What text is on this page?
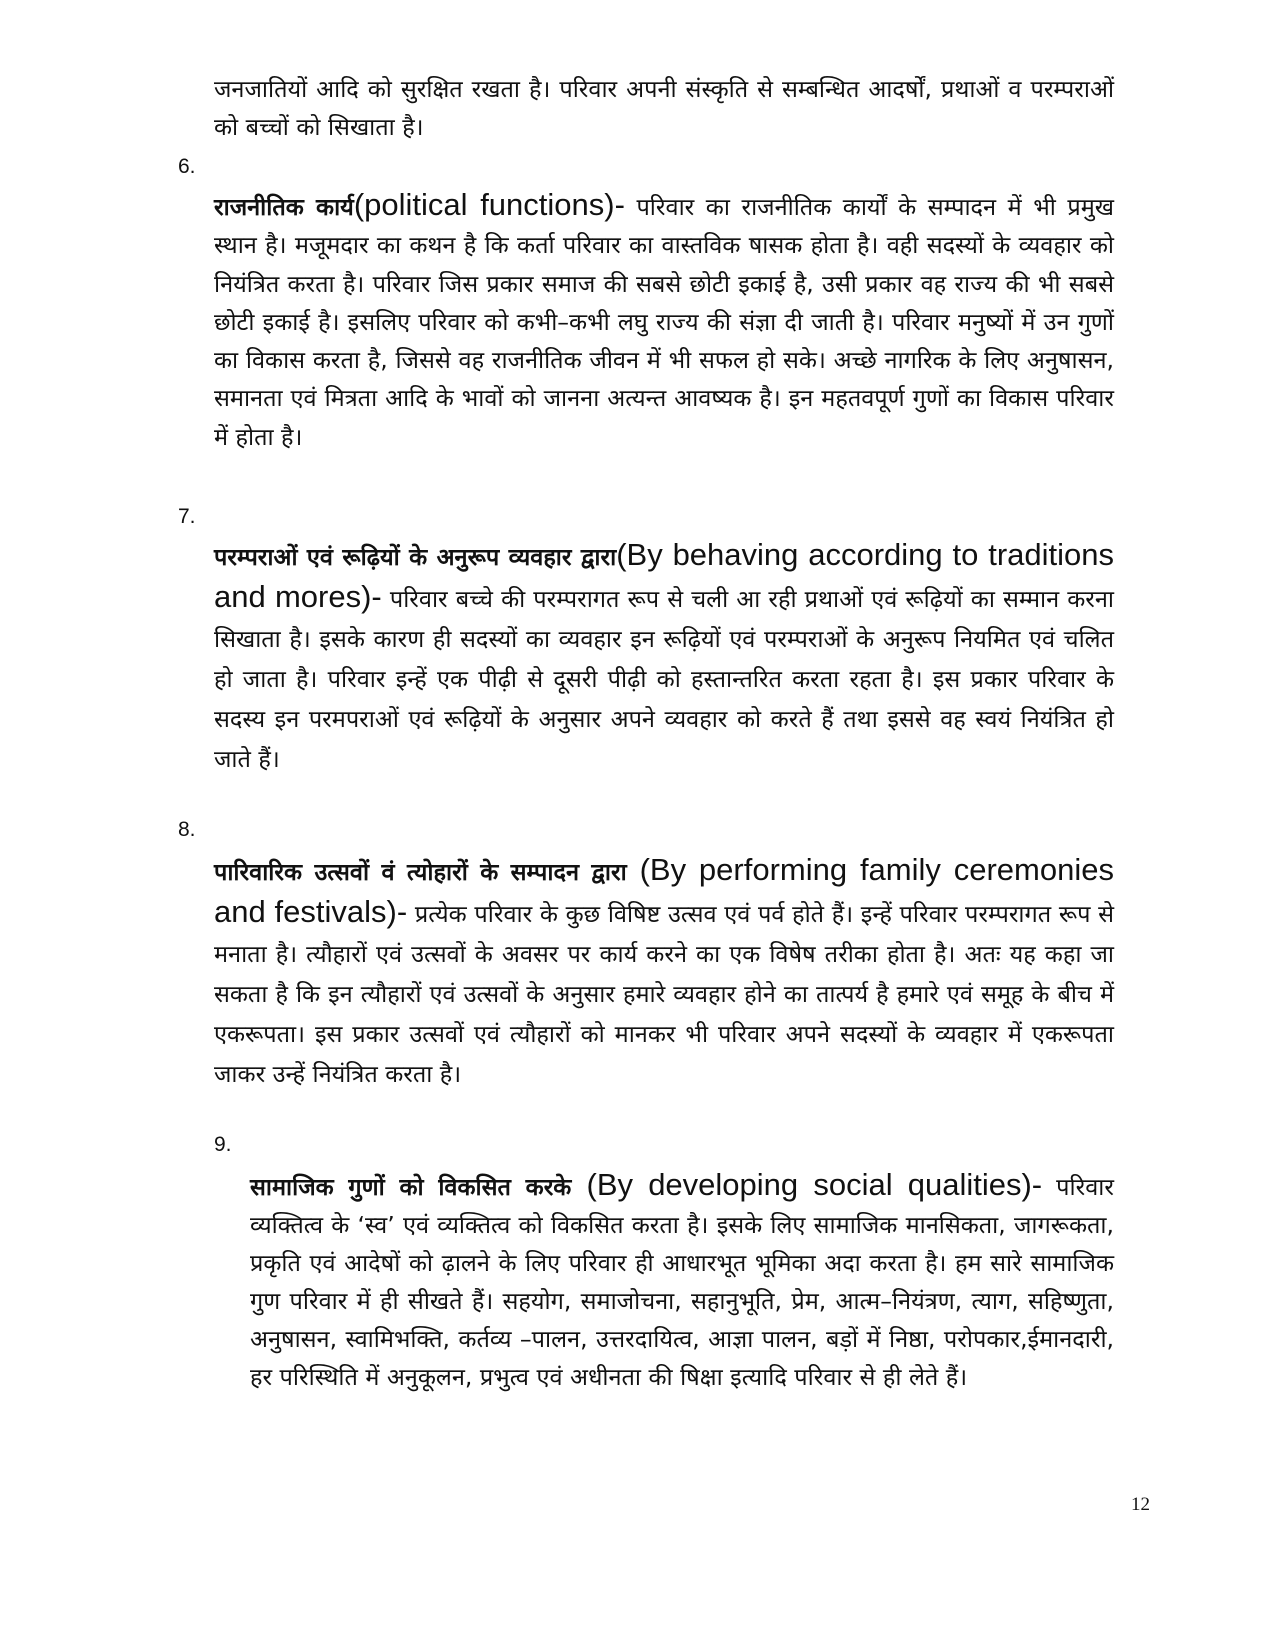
जनजातियों आदि को सुरक्षित रखता है। परिवार अपनी संस्कृति से सम्बन्धित आदर्षों, प्रथाओं व परम्पराओं को बच्चों को सिखाता है।
6.
राजनीतिक कार्य(political functions)- परिवार का राजनीतिक कार्यों के सम्पादन में भी प्रमुख स्थान है। मजूमदार का कथन है कि कर्ता परिवार का वास्तविक षासक होता है। वही सदस्यों के व्यवहार को नियंत्रित करता है। परिवार जिस प्रकार समाज की सबसे छोटी इकाई है, उसी प्रकार वह राज्य की भी सबसे छोटी इकाई है। इसलिए परिवार को कभी–कभी लघु राज्य की संज्ञा दी जाती है। परिवार मनुष्यों में उन गुणों का विकास करता है, जिससे वह राजनीतिक जीवन में भी सफल हो सके। अच्छे नागरिक के लिए अनुषासन, समानता एवं मित्रता आदि के भावों को जानना अत्यन्त आवष्यक है। इन महतवपूर्ण गुणों का विकास परिवार में होता है।
7.
परम्पराओं एवं रूढ़ियों के अनुरूप व्यवहार द्वारा(By behaving according to traditions and mores)- परिवार बच्चे की परम्परागत रूप से चली आ रही प्रथाओं एवं रूढ़ियों का सम्मान करना सिखाता है। इसके कारण ही सदस्यों का व्यवहार इन रूढ़ियों एवं परम्पराओं के अनुरूप नियमित एवं चलित हो जाता है। परिवार इन्हें एक पीढ़ी से दूसरी पीढ़ी को हस्तान्तरित करता रहता है। इस प्रकार परिवार के सदस्य इन परमपराओं एवं रूढ़ियों के अनुसार अपने व्यवहार को करते हैं तथा इससे वह स्वयं नियंत्रित हो जाते हैं।
8.
पारिवारिक उत्सवों वं त्योहारों के सम्पादन द्वारा (By performing family ceremonies and festivals)- प्रत्येक परिवार के कुछ विषिष्ट उत्सव एवं पर्व होते हैं। इन्हें परिवार परम्परागत रूप से मनाता है। त्यौहारों एवं उत्सवों के अवसर पर कार्य करने का एक विषेष तरीका होता है। अतः यह कहा जा सकता है कि इन त्यौहारों एवं उत्सवों के अनुसार हमारे व्यवहार होने का तात्पर्य है हमारे एवं समूह के बीच में एकरूपता। इस प्रकार उत्सवों एवं त्यौहारों को मानकर भी परिवार अपने सदस्यों के व्यवहार में एकरूपता जाकर उन्हें नियंत्रित करता है।
9.
सामाजिक गुणों को विकसित करके (By developing social qualities)- परिवार व्यक्तित्व के ‘स्व’ एवं व्यक्तित्व को विकसित करता है। इसके लिए सामाजिक मानसिकता, जागरूकता, प्रकृति एवं आदेषों को ढ़ालने के लिए परिवार ही आधारभूत भूमिका अदा करता है। हम सारे सामाजिक गुण परिवार में ही सीखते हैं। सहयोग, समाजोचना, सहानुभूति, प्रेम, आत्म–नियंत्रण, त्याग, सहिष्णुता, अनुषासन, स्वामिभक्ति, कर्तव्य –पालन, उत्तरदायित्व, आज्ञा पालन, बड़ों में निष्ठा, परोपकार,ईमानदारी, हर परिस्थिति में अनुकूलन, प्रभुत्व एवं अधीनता की षिक्षा इत्यादि परिवार से ही लेते हैं।
12
